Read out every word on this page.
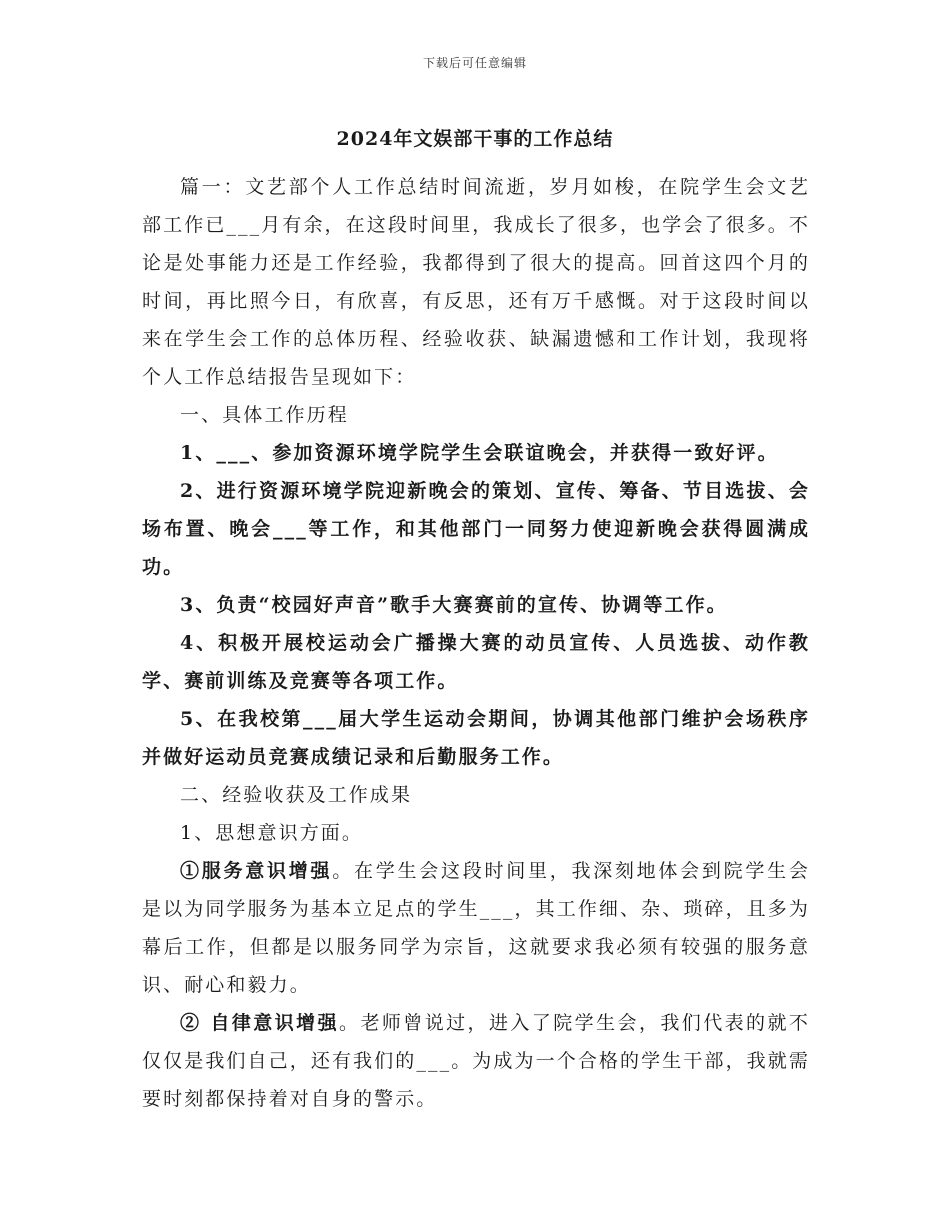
下载后可任意编辑
2024年文娱部干事的工作总结

篇一：文艺部个人工作总结时间流逝，岁月如梭，在院学生会文艺部工作已___月有余，在这段时间里，我成长了很多，也学会了很多。不论是处事能力还是工作经验，我都得到了很大的提高。回首这四个月的时间，再比照今日，有欣喜，有反思，还有万千感慨。对于这段时间以来在学生会工作的总体历程、经验收获、缺漏遗憾和工作计划，我现将个人工作总结报告呈现如下：

一、具体工作历程

1、___、参加资源环境学院学生会联谊晚会，并获得一致好评。

2、进行资源环境学院迎新晚会的策划、宣传、筹备、节目选拔、会场布置、晚会___等工作，和其他部门一同努力使迎新晚会获得圆满成功。

3、负责“校园好声音”歌手大赛赛前的宣传、协调等工作。

4、积极开展校运动会广播操大赛的动员宣传、人员选拔、动作教学、赛前训练及竞赛等各项工作。

5、在我校第___届大学生运动会期间，协调其他部门维护会场秩序并做好运动员竞赛成绩记录和后勤服务工作。

二、经验收获及工作成果

1、思想意识方面。

①服务意识增强。在学生会这段时间里，我深刻地体会到院学生会是以为同学服务为基本立足点的学生___，其工作细、杂、琐碎，且多为幕后工作，但都是以服务同学为宗旨，这就要求我必须有较强的服务意识、耐心和毅力。

② 自律意识增强。老师曾说过，进入了院学生会，我们代表的就不仅仅是我们自己，还有我们的___。为成为一个合格的学生干部，我就需要时刻都保持着对自身的警示。
